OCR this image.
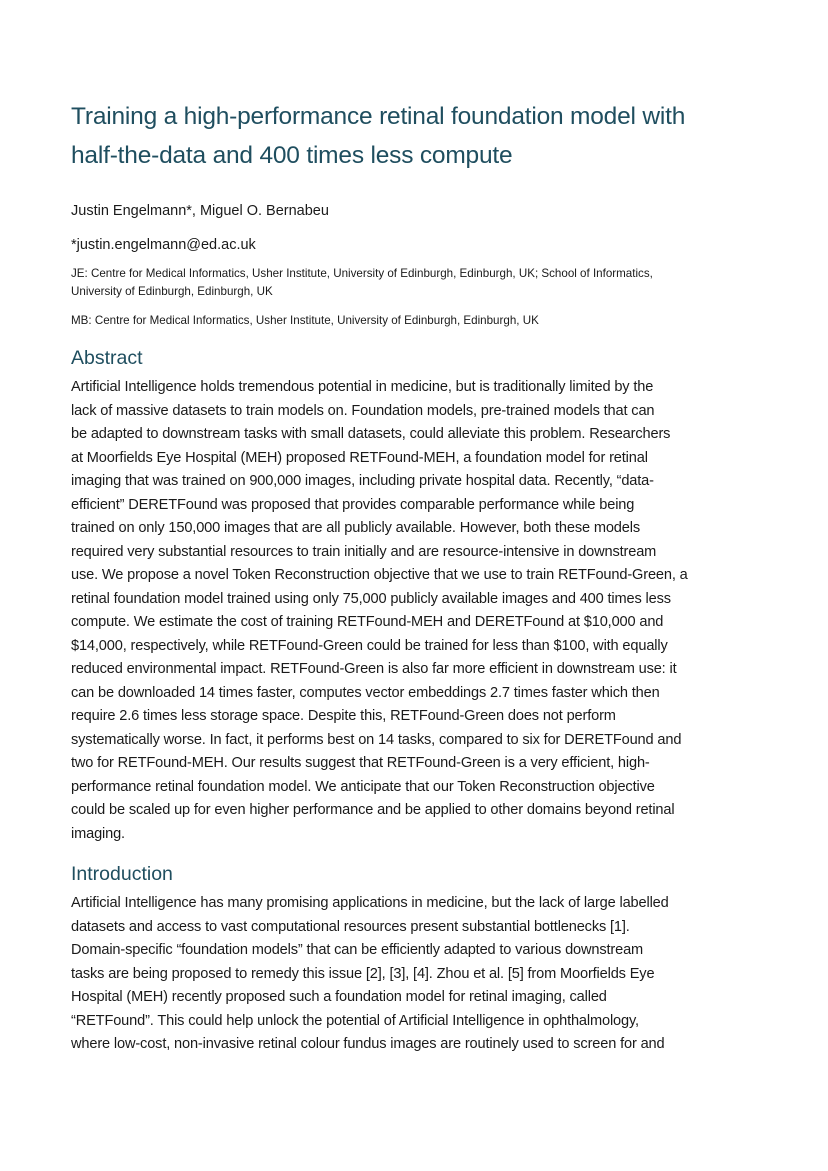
Training a high-performance retinal foundation model with
half-the-data and 400 times less compute

Justin Engelmann*, Miguel O. Bernabeu

*justin.engelmann@ed.ac.uk

JE: Centre for Medical Informatics, Usher Institute, University of Edinburgh, Edinburgh, UK; School of Informatics,
University of Edinburgh, Edinburgh, UK

MB: Centre for Medical Informatics, Usher Institute, University of Edinburgh, Edinburgh, UK

Abstract

Artificial Intelligence holds tremendous potential in medicine, but is traditionally limited by the
lack of massive datasets to train models on. Foundation models, pre-trained models that can
be adapted to downstream tasks with small datasets, could alleviate this problem. Researchers
at Moorfields Eye Hospital (MEH) proposed RETFound-MEH, a foundation model for retinal
imaging that was trained on 900,000 images, including private hospital data. Recently, “data-
efficient” DERETFound was proposed that provides comparable performance while being
trained on only 150,000 images that are all publicly available. However, both these models
required very substantial resources to train initially and are resource-intensive in downstream
use. We propose a novel Token Reconstruction objective that we use to train RETFound-Green, a
retinal foundation model trained using only 75,000 publicly available images and 400 times less
compute. We estimate the cost of training RETFound-MEH and DERETFound at $10,000 and
$14,000, respectively, while RETFound-Green could be trained for less than $100, with equally
reduced environmental impact. RETFound-Green is also far more efficient in downstream use: it
can be downloaded 14 times faster, computes vector embeddings 2.7 times faster which then
require 2.6 times less storage space. Despite this, RETFound-Green does not perform
systematically worse. In fact, it performs best on 14 tasks, compared to six for DERETFound and
two for RETFound-MEH. Our results suggest that RETFound-Green is a very efficient, high-
performance retinal foundation model. We anticipate that our Token Reconstruction objective
could be scaled up for even higher performance and be applied to other domains beyond retinal
imaging.

Introduction

Artificial Intelligence has many promising applications in medicine, but the lack of large labelled
datasets and access to vast computational resources present substantial bottlenecks [1].
Domain-specific “foundation models” that can be efficiently adapted to various downstream
tasks are being proposed to remedy this issue [2], [3], [4]. Zhou et al. [5] from Moorfields Eye
Hospital (MEH) recently proposed such a foundation model for retinal imaging, called
“RETFound”. This could help unlock the potential of Artificial Intelligence in ophthalmology,
where low-cost, non-invasive retinal colour fundus images are routinely used to screen for and
